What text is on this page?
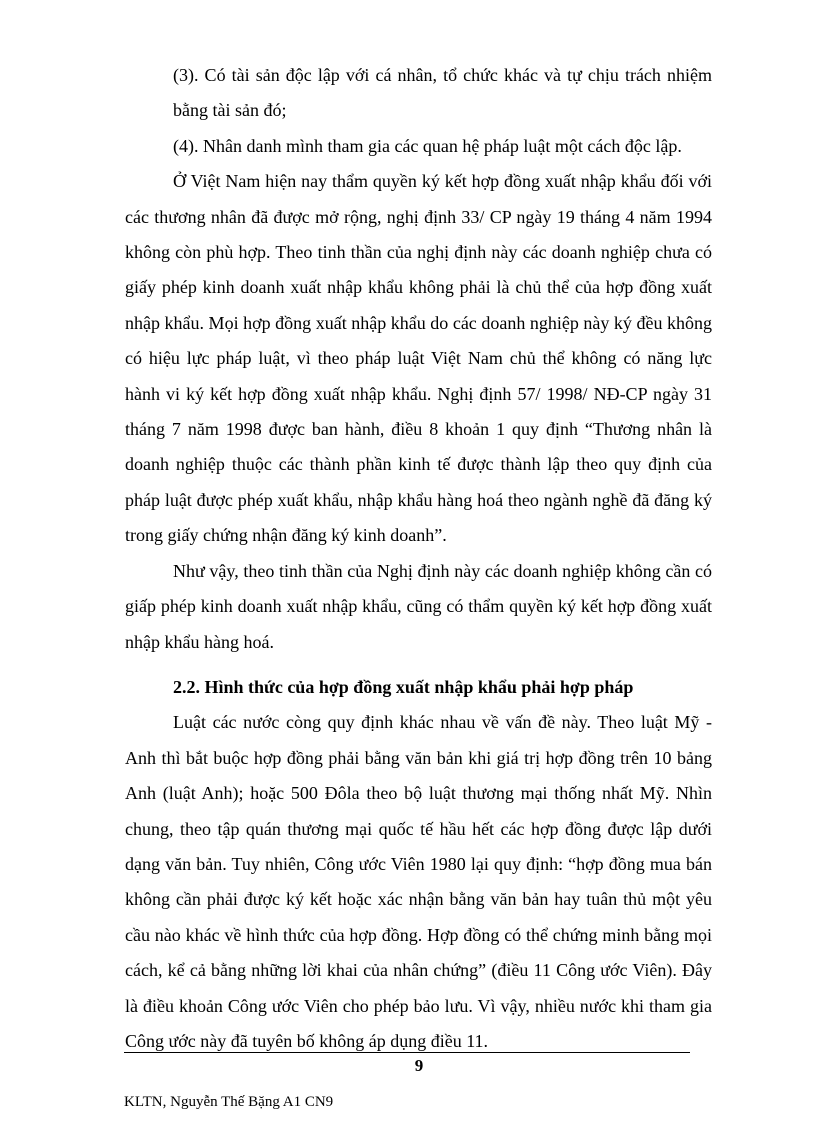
(3). Có tài sản độc lập với cá nhân, tổ chức khác và tự chịu trách nhiệm bằng tài sản đó;

(4). Nhân danh mình tham gia các quan hệ pháp luật một cách độc lập.

Ở Việt Nam hiện nay thẩm quyền ký kết hợp đồng xuất nhập khẩu đối với các thương nhân đã được mở rộng, nghị định 33/ CP ngày 19 tháng 4 năm 1994 không còn phù hợp. Theo tinh thần của nghị định này các doanh nghiệp chưa có giấy phép kinh doanh xuất nhập khẩu không phải là chủ thể của hợp đồng xuất nhập khẩu. Mọi hợp đồng xuất nhập khẩu do các doanh nghiệp này ký đều không có hiệu lực pháp luật, vì theo pháp luật Việt Nam chủ thể không có năng lực hành vi ký kết hợp đồng xuất nhập khẩu. Nghị định 57/ 1998/ NĐ-CP ngày 31 tháng 7 năm 1998 được ban hành, điều 8 khoản 1 quy định “Thương nhân là doanh nghiệp thuộc các thành phần kinh tế được thành lập theo quy định của pháp luật được phép xuất khẩu, nhập khẩu hàng hoá theo ngành nghề đã đăng ký trong giấy chứng nhận đăng ký kinh doanh”.

Như vậy, theo tinh thần của Nghị định này các doanh nghiệp không cần có giấp phép kinh doanh xuất nhập khẩu, cũng có thẩm quyền ký kết hợp đồng xuất nhập khẩu hàng hoá.

2.2. Hình thức của hợp đồng xuất nhập khẩu phải hợp pháp

Luật các nước còng quy định khác nhau về vấn đề này. Theo luật Mỹ - Anh thì bắt buộc hợp đồng phải bằng văn bản khi giá trị hợp đồng trên 10 bảng Anh (luật Anh); hoặc 500 Đôla theo bộ luật thương mại thống nhất Mỹ. Nhìn chung, theo tập quán thương mại quốc tế hầu hết các hợp đồng được lập dưới dạng văn bản. Tuy nhiên, Công ước Viên 1980 lại quy định: “hợp đồng mua bán không cần phải được ký kết hoặc xác nhận bằng văn bản hay tuân thủ một yêu cầu nào khác về hình thức của hợp đồng. Hợp đồng có thể chứng minh bằng mọi cách, kể cả bằng những lời khai của nhân chứng” (điều 11 Công ước Viên). Đây là điều khoản Công ước Viên cho phép bảo lưu. Vì vậy, nhiều nước khi tham gia Công ước này đã tuyên bố không áp dụng điều 11.

9
KLTN, Nguyễn Thế Bặng A1 CN9
